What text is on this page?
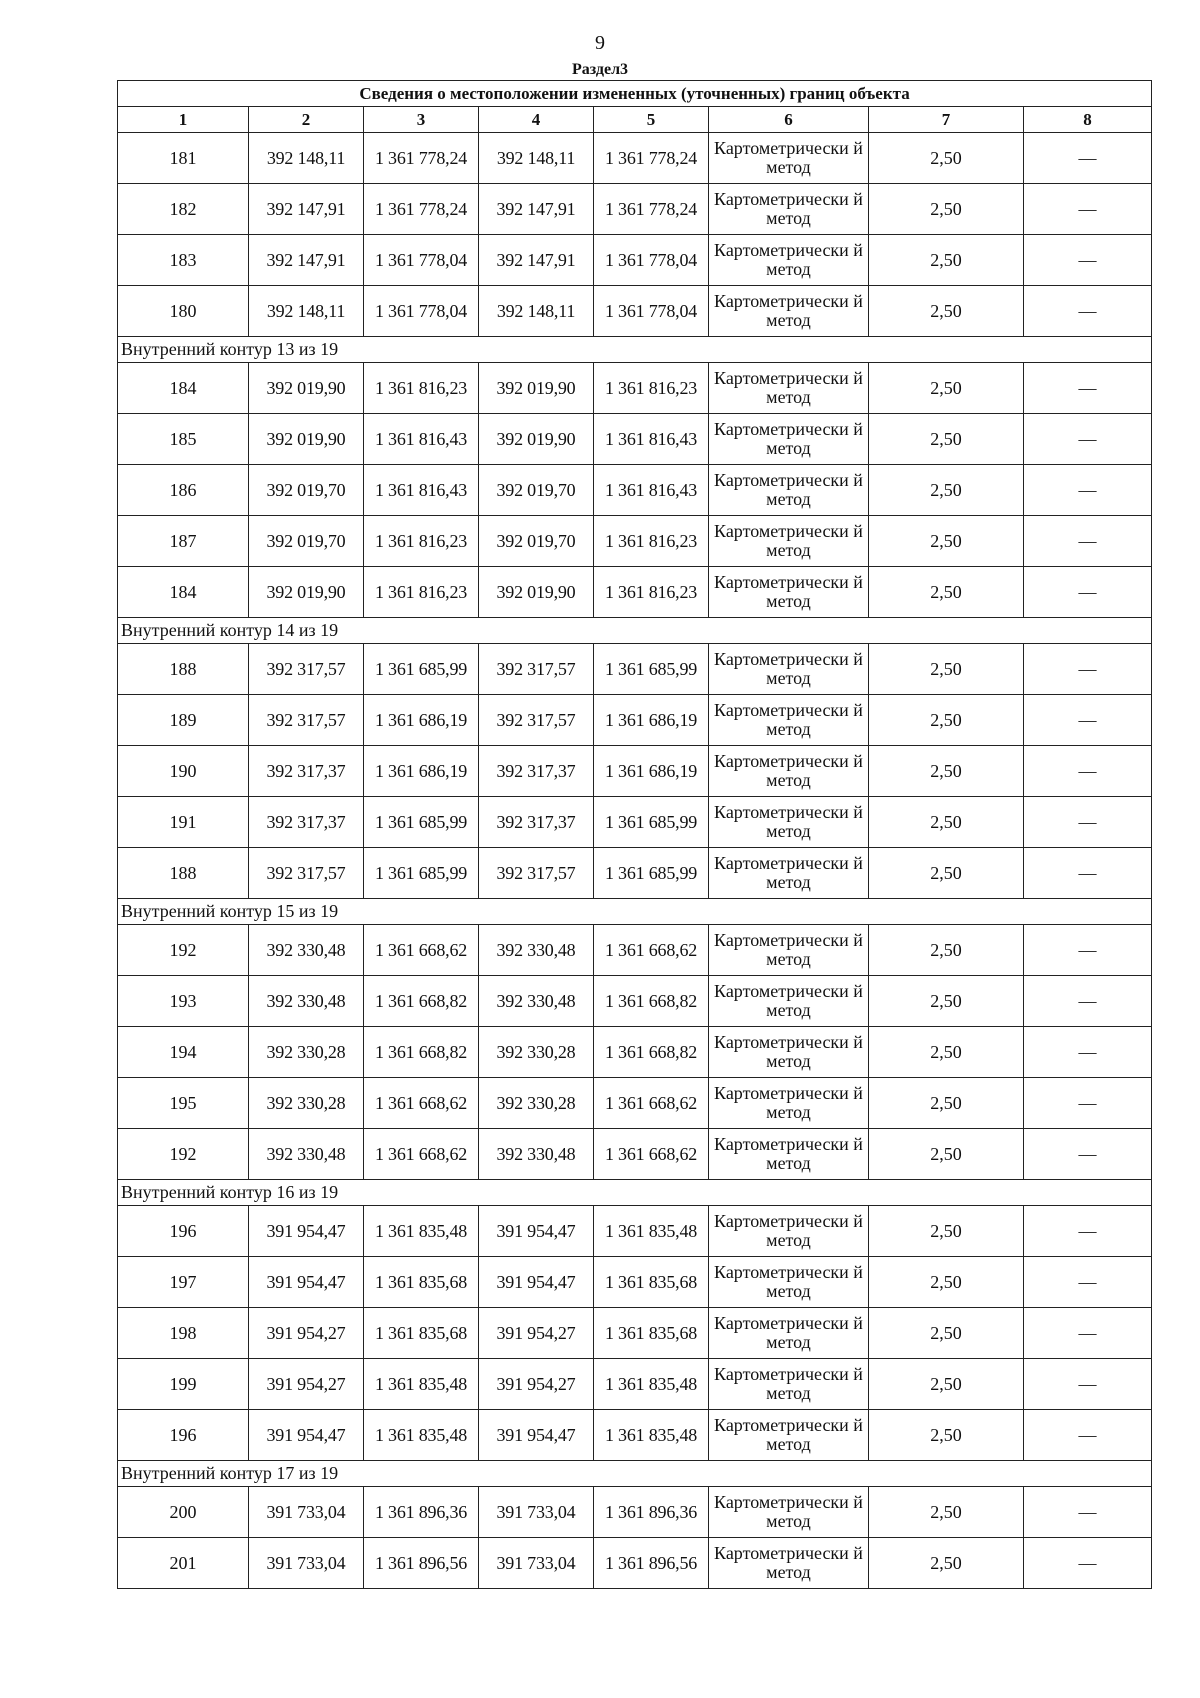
9
Раздел3
Сведения о местоположении измененных (уточненных) границ объекта							
1	2	3	4	5	6	7	8
181	392 148,11	1 361 778,24	392 148,11	1 361 778,24	Картометрически й метод	2,50	—
182	392 147,91	1 361 778,24	392 147,91	1 361 778,24	Картометрически й метод	2,50	—
183	392 147,91	1 361 778,04	392 147,91	1 361 778,04	Картометрически й метод	2,50	—
180	392 148,11	1 361 778,04	392 148,11	1 361 778,04	Картометрически й метод	2,50	—
Внутренний контур 13 из 19							
184	392 019,90	1 361 816,23	392 019,90	1 361 816,23	Картометрически й метод	2,50	—
185	392 019,90	1 361 816,43	392 019,90	1 361 816,43	Картометрически й метод	2,50	—
186	392 019,70	1 361 816,43	392 019,70	1 361 816,43	Картометрически й метод	2,50	—
187	392 019,70	1 361 816,23	392 019,70	1 361 816,23	Картометрически й метод	2,50	—
184	392 019,90	1 361 816,23	392 019,90	1 361 816,23	Картометрически й метод	2,50	—
Внутренний контур 14 из 19							
188	392 317,57	1 361 685,99	392 317,57	1 361 685,99	Картометрически й метод	2,50	—
189	392 317,57	1 361 686,19	392 317,57	1 361 686,19	Картометрически й метод	2,50	—
190	392 317,37	1 361 686,19	392 317,37	1 361 686,19	Картометрически й метод	2,50	—
191	392 317,37	1 361 685,99	392 317,37	1 361 685,99	Картометрически й метод	2,50	—
188	392 317,57	1 361 685,99	392 317,57	1 361 685,99	Картометрически й метод	2,50	—
Внутренний контур 15 из 19							
192	392 330,48	1 361 668,62	392 330,48	1 361 668,62	Картометрически й метод	2,50	—
193	392 330,48	1 361 668,82	392 330,48	1 361 668,82	Картометрически й метод	2,50	—
194	392 330,28	1 361 668,82	392 330,28	1 361 668,82	Картометрически й метод	2,50	—
195	392 330,28	1 361 668,62	392 330,28	1 361 668,62	Картометрически й метод	2,50	—
192	392 330,48	1 361 668,62	392 330,48	1 361 668,62	Картометрически й метод	2,50	—
Внутренний контур 16 из 19							
196	391 954,47	1 361 835,48	391 954,47	1 361 835,48	Картометрически й метод	2,50	—
197	391 954,47	1 361 835,68	391 954,47	1 361 835,68	Картометрически й метод	2,50	—
198	391 954,27	1 361 835,68	391 954,27	1 361 835,68	Картометрически й метод	2,50	—
199	391 954,27	1 361 835,48	391 954,27	1 361 835,48	Картометрически й метод	2,50	—
196	391 954,47	1 361 835,48	391 954,47	1 361 835,48	Картометрически й метод	2,50	—
Внутренний контур 17 из 19							
200	391 733,04	1 361 896,36	391 733,04	1 361 896,36	Картометрически й метод	2,50	—
201	391 733,04	1 361 896,56	391 733,04	1 361 896,56	Картометрически й метод	2,50	—
